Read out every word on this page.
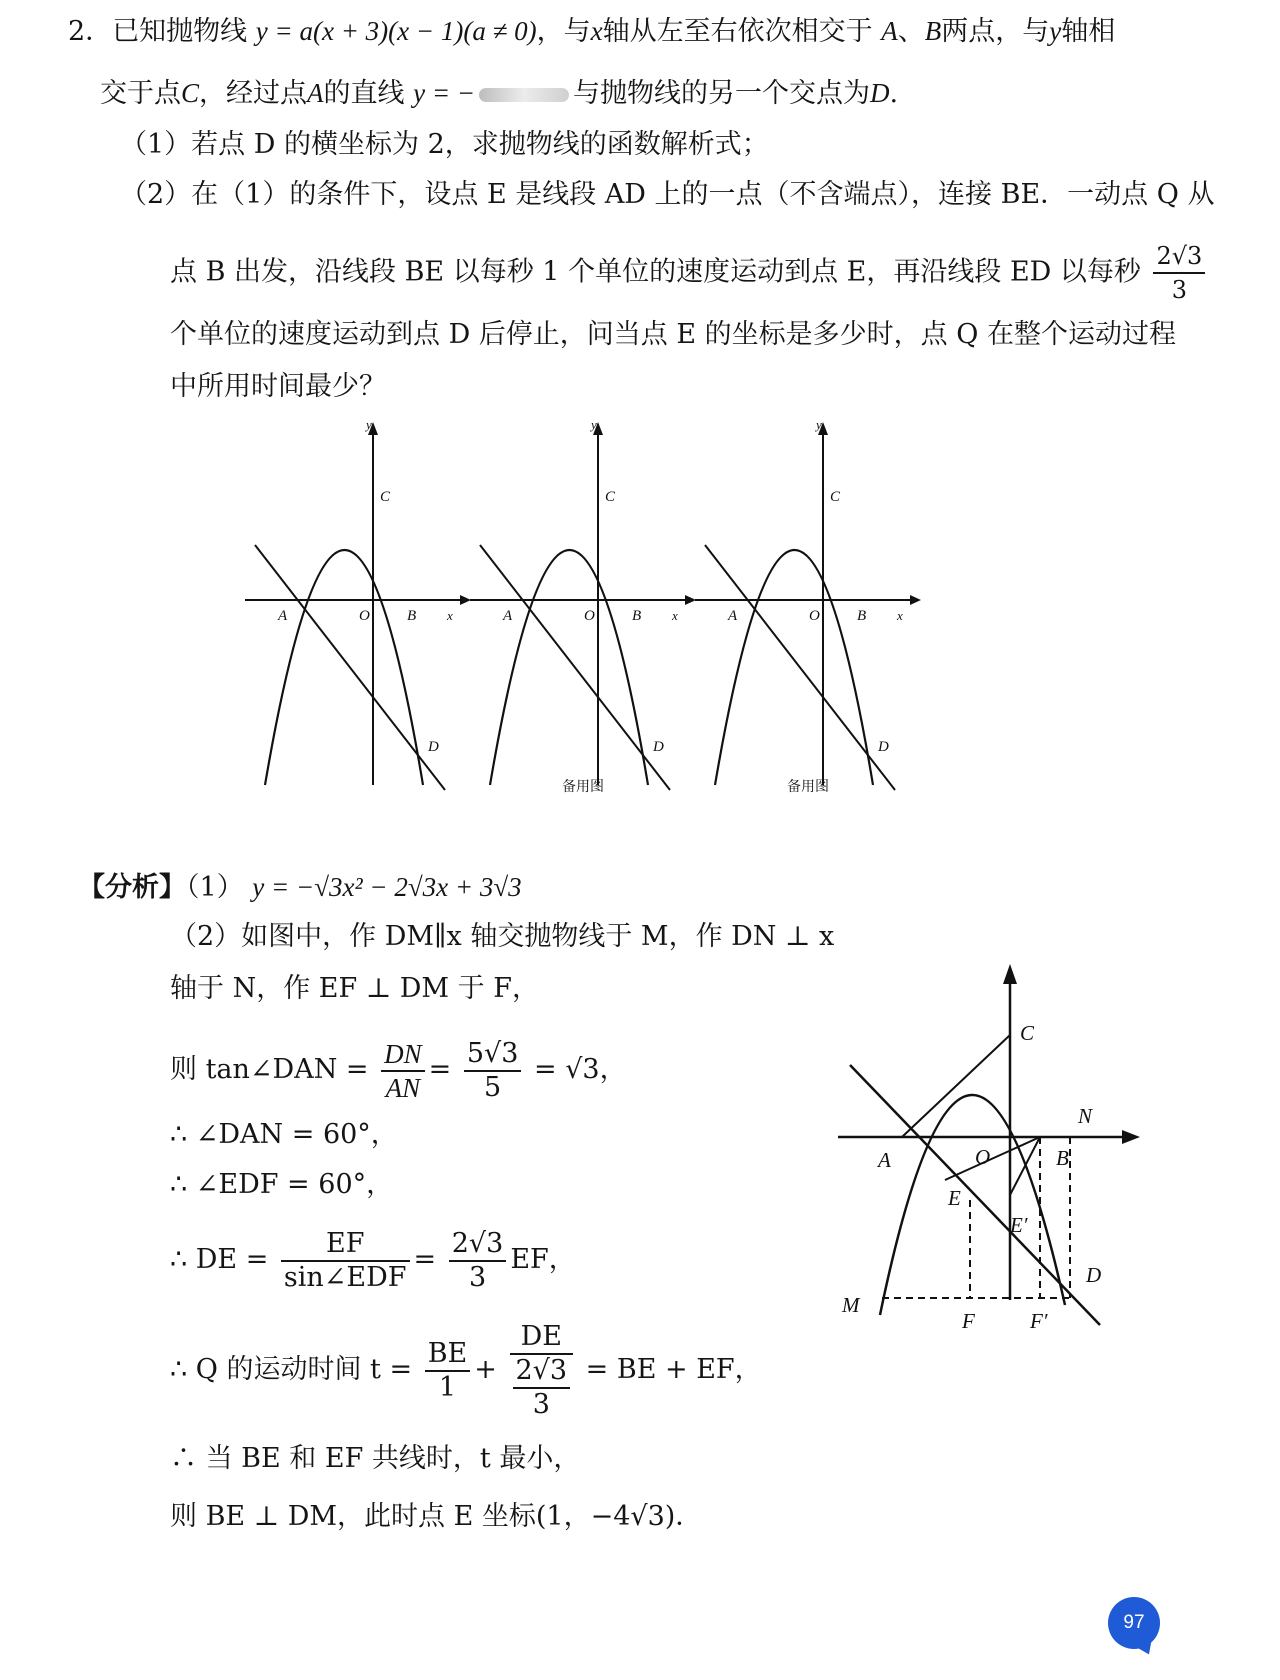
2．已知抛物线 y = a(x + 3)(x − 1)(a ≠ 0)，与x轴从左至右依次相交于 A、B两点，与y轴相
交于点C，经过点A的直线 y = −	与抛物线的另一个交点为D.
（1）若点 D 的横坐标为 2，求抛物线的函数解析式；
（2）在（1）的条件下，设点 E 是线段 AD 上的一点（不含端点），连接 BE．一动点 Q 从
点 B 出发，沿线段 BE 以每秒 1 个单位的速度运动到点 E，再沿线段 ED 以每秒 $\frac{2√3}{3}$
个单位的速度运动到点 D 后停止，问当点 E 的坐标是多少时，点 Q 在整个运动过程
中所用时间最少？
y
C
A	O B x
D
y
C
A	O B x
D
备用图
y
C
A	O B x
D
备用图
【分析】（1） y = −√3x² − 2√3x + 3√3
（2）如图中，作 DM∥x 轴交抛物线于 M，作 DN ⊥ x
轴于 N，作 EF ⊥ DM 于 F，
则 tan∠DAN = $\frac{DN}{AN} = \frac{5√3}{5} = √3$，
∴ ∠DAN = 60°，
∴ ∠EDF = 60°，
∴ DE = $\frac{EF}{\text{sin∠EDF}} = \frac{2√3}{3}$ EF，
∴ Q 的运动时间 $t = \frac{BE}{1}$ + DE
2√3
3 = BE + EF，
∴ 当 BE 和 EF 共线时，t 最小，
则 BE ⊥ DM，此时点 E 坐标(1，−4√3)．
C
N
A	O	B
E
E′
D
M
F	F′
97
